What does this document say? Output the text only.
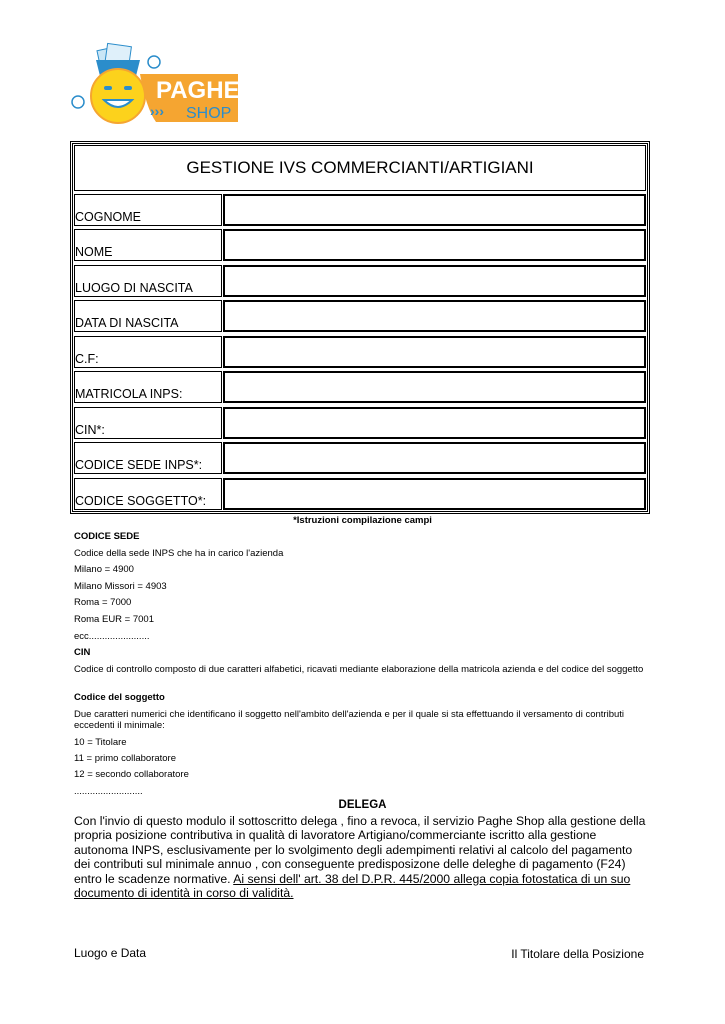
PAGHE
››› SHOP
GESTIONE IVS COMMERCIANTI/ARTIGIANI
COGNOME
NOME
LUOGO DI NASCITA
DATA DI NASCITA
C.F:
MATRICOLA INPS:
CIN*:
CODICE SEDE INPS*:
CODICE SOGGETTO*:
*Istruzioni compilazione campi
CODICE SEDE
Codice della sede INPS che ha in carico l'azienda
Milano = 4900
Milano Missori = 4903
Roma = 7000
Roma EUR = 7001
ecc.......................
CIN
Codice di controllo composto di due caratteri alfabetici, ricavati mediante elaborazione della matricola azienda e del codice del soggetto
Codice del soggetto
Due caratteri numerici che identificano il soggetto nell'ambito dell'azienda e per il quale si sta effettuando il versamento di contributi eccedenti il minimale:
10 = Titolare
11 = primo collaboratore
12 = secondo collaboratore
..........................
DELEGA
Con l'invio di questo modulo il sottoscritto delega , fino a revoca, il servizio Paghe Shop alla gestione della propria posizione contributiva in qualità di lavoratore Artigiano/commerciante iscritto alla gestione autonoma INPS, esclusivamente per lo svolgimento degli adempimenti relativi al calcolo del pagamento dei contributi sul minimale annuo , con conseguente predisposizone delle deleghe di pagamento (F24) entro le scadenze normative. Ai sensi dell' art. 38 del D.P.R. 445/2000 allega copia fotostatica di un suo documento di identità in corso di validità.
Luogo e Data	Il Titolare della Posizione
